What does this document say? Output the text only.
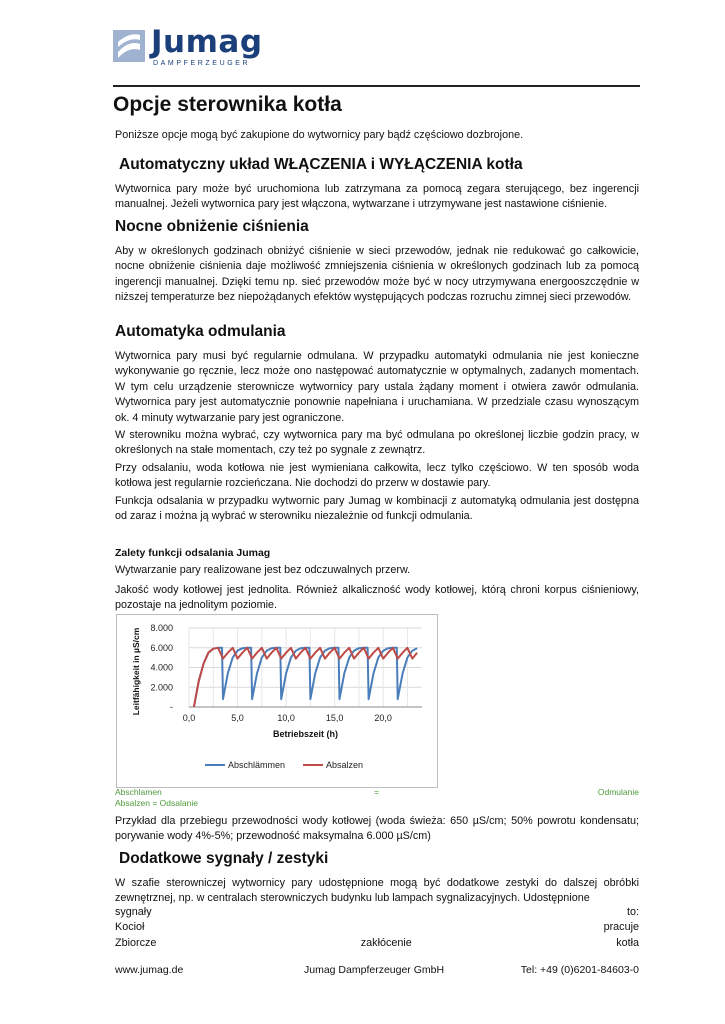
Jumag
DAMPFERZEUGER
Opcje sterownika kotła

Poniższe opcje mogą być zakupione do wytwornicy pary bądź częściowo dozbrojone.

Automatyczny układ WŁĄCZENIA i WYŁĄCZENIA kotła

Wytwornica pary może być uruchomiona lub zatrzymana za pomocą zegara sterującego, bez ingerencji manualnej. Jeżeli wytwornica pary jest włączona, wytwarzane i utrzymywane jest nastawione ciśnienie.

Nocne obniżenie ciśnienia

Aby w określonych godzinach obniżyć ciśnienie w sieci przewodów, jednak nie redukować go całkowicie, nocne obniżenie ciśnienia daje możliwość zmniejszenia ciśnienia w określonych godzinach lub za pomocą ingerencji manualnej. Dzięki temu np. sieć przewodów może być w nocy utrzymywana energooszczędnie w niższej temperaturze bez niepożądanych efektów występujących podczas rozruchu zimnej sieci przewodów.

Automatyka odmulania

Wytwornica pary musi być regularnie odmulana. W przypadku automatyki odmulania nie jest konieczne wykonywanie go ręcznie, lecz może ono następować automatycznie w optymalnych, zadanych momentach. W tym celu urządzenie sterownicze wytwornicy pary ustala żądany moment i otwiera zawór odmulania. Wytwornica pary jest automatycznie ponownie napełniana i uruchamiana. W przedziale czasu wynoszącym ok. 4 minuty wytwarzanie pary jest ograniczone.

W sterowniku można wybrać, czy wytwornica pary ma być odmulana po określonej liczbie godzin pracy, w określonych na stałe momentach, czy też po sygnale z zewnątrz.

Przy odsalaniu, woda kotłowa nie jest wymieniana całkowita, lecz tylko częściowo. W ten sposób woda kotłowa jest regularnie rozcieńczana. Nie dochodzi do przerw w dostawie pary.

Funkcja odsalania w przypadku wytwornic pary Jumag w kombinacji z automatyką odmulania jest dostępna od zaraz i można ją wybrać w sterowniku niezależnie od funkcji odmulania.

Zalety funkcji odsalania Jumag

Wytwarzanie pary realizowane jest bez odczuwalnych przerw.

Jakość wody kotłowej jest jednolita. Również alkaliczność wody kotłowej, którą chroni korpus ciśnieniowy, pozostaje na jednolitym poziomie.

-
2.000
4.000
6.000
8.000
0,0	5,0	10,0	15,0	20,0
Betriebszeit (h)
Leitfähigkeit in µS/cm
Abschlämmen	Absalzen
Abschlamen	=	Odmulanie
Absalzen = Odsalanie

Przykład dla przebiegu przewodności wody kotłowej (woda świeża: 650 µS/cm; 50% powrotu kondensatu; porywanie wody 4%-5%; przewodność maksymalna 6.000 µS/cm)

Dodatkowe sygnały / zestyki

W szafie sterowniczej wytwornicy pary udostępnione mogą być dodatkowe zestyki do dalszej obróbki zewnętrznej, np. w centralach sterowniczych budynku lub lampach sygnalizacyjnych. Udostępnione

sygnały	to:
Kocioł	pracuje
Zbiorcze	zakłócenie	kotła
www.jumag.de	Jumag Dampferzeuger GmbH	Tel: +49 (0)6201-84603-0
